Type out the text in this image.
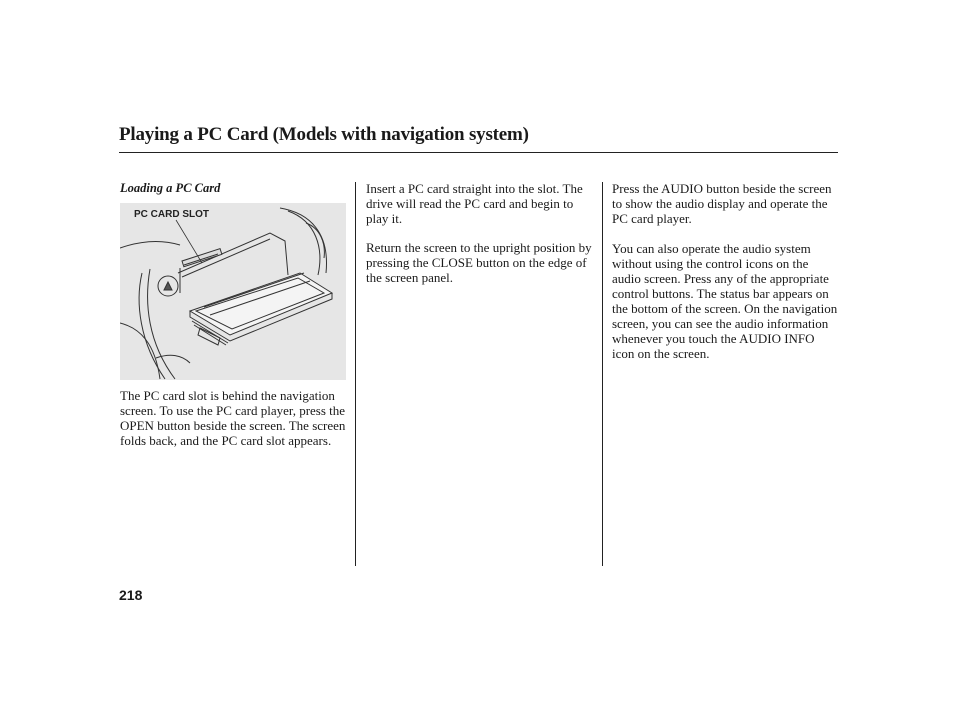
Playing a PC Card (Models with navigation system)
Loading a PC Card
PC CARD SLOT

The PC card slot is behind the navigation screen. To use the PC card player, press the OPEN button beside the screen. The screen folds back, and the PC card slot appears.

Insert a PC card straight into the slot. The drive will read the PC card and begin to play it.

Return the screen to the upright position by pressing the CLOSE button on the edge of the screen panel.

Press the AUDIO button beside the screen to show the audio display and operate the PC card player.

You can also operate the audio system without using the control icons on the audio screen. Press any of the appropriate control buttons. The status bar appears on the bottom of the screen. On the navigation screen, you can see the audio information whenever you touch the AUDIO INFO icon on the screen.

218
